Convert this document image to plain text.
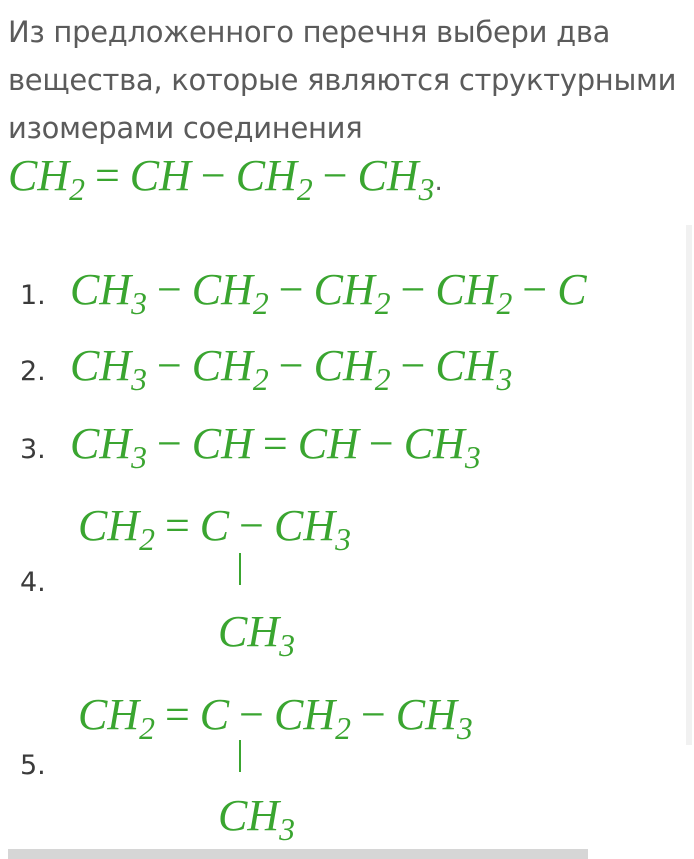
Из предложенного перечня выбери два вещества, которые являются структурными изомерами соединения
$CH_2$ = CH − $CH_2 - CH_3$.
1. $CH_3 - CH_2 - CH_2 - CH_2 - C$
2. $CH_3 - CH_2 - CH_2 - CH_3$
3. $CH_3$ − CH = CH − $CH_3$
4.
$CH_2 = C - CH_3$
$CH_3$
5.
$CH_2 = C - CH_2 - CH_3$
$CH_3$
